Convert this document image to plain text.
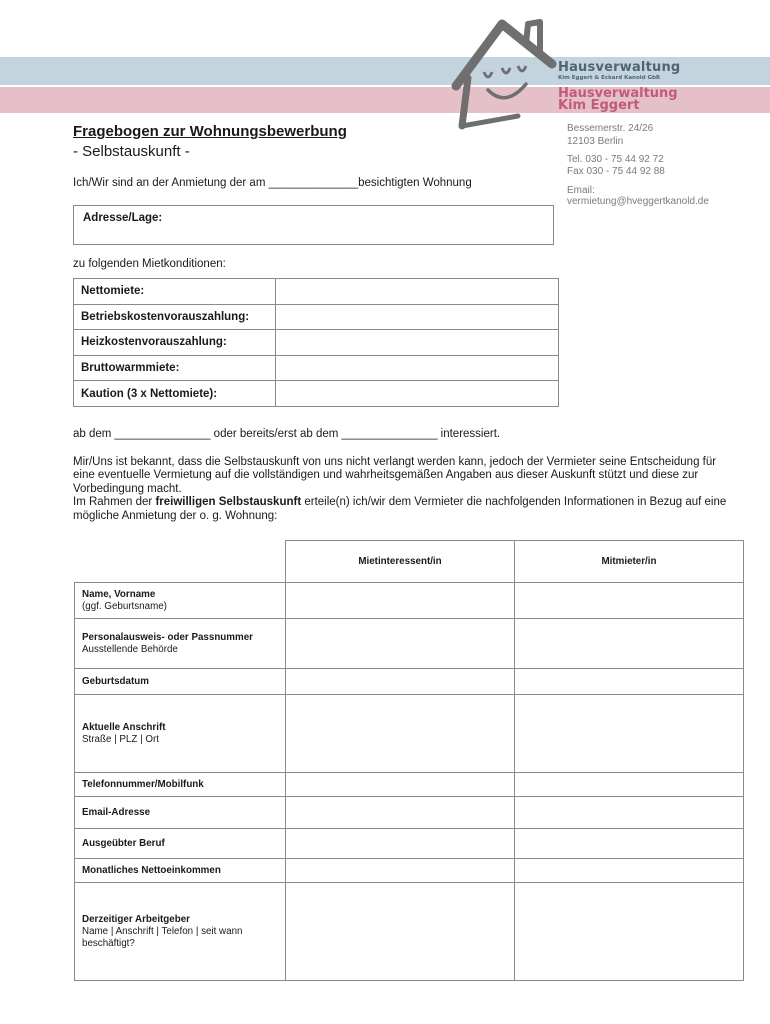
Hausverwaltung
Kim Eggert & Eckard Kanold GbR
Hausverwaltung
Kim Eggert
Bessemerstr. 24/26
12103 Berlin
Tel. 030 - 75 44 92 72
Fax 030 - 75 44 92 88
Email:
vermietung@hveggertkanold.de
Fragebogen zur Wohnungsbewerbung
- Selbstauskunft -
Ich/Wir sind an der Anmietung der am ______________besichtigten Wohnung
Adresse/Lage:
zu folgenden Mietkonditionen:
Nettomiete:	
Betriebskostenvorauszahlung:	
Heizkostenvorauszahlung:	
Bruttowarmmiete:	
Kaution (3 x Nettomiete):	
ab dem _______________ oder bereits/erst ab dem _______________ interessiert.
Mir/Uns ist bekannt, dass die Selbstauskunft von uns nicht verlangt werden kann, jedoch der Vermieter seine Entscheidung für eine eventuelle Vermietung auf die vollständigen und wahrheitsgemäßen Angaben aus dieser Auskunft stützt und diese zur Vorbedingung macht.
Im Rahmen der freiwilligen Selbstauskunft erteile(n) ich/wir dem Vermieter die nachfolgenden Informationen in Bezug auf eine mögliche Anmietung der o. g. Wohnung:
	Mietinteressent/in	Mitmieter/in

Name, Vorname
(ggf. Geburtsname)		

Personalausweis- oder Passnummer
Ausstellende Behörde		

Geburtsdatum		

Aktuelle Anschrift
Straße | PLZ | Ort		

Telefonnummer/Mobilfunk		

Email-Adresse		

Ausgeübter Beruf		

Monatliches Nettoeinkommen		

Derzeitiger Arbeitgeber
Name | Anschrift | Telefon | seit wann beschäftigt?		
